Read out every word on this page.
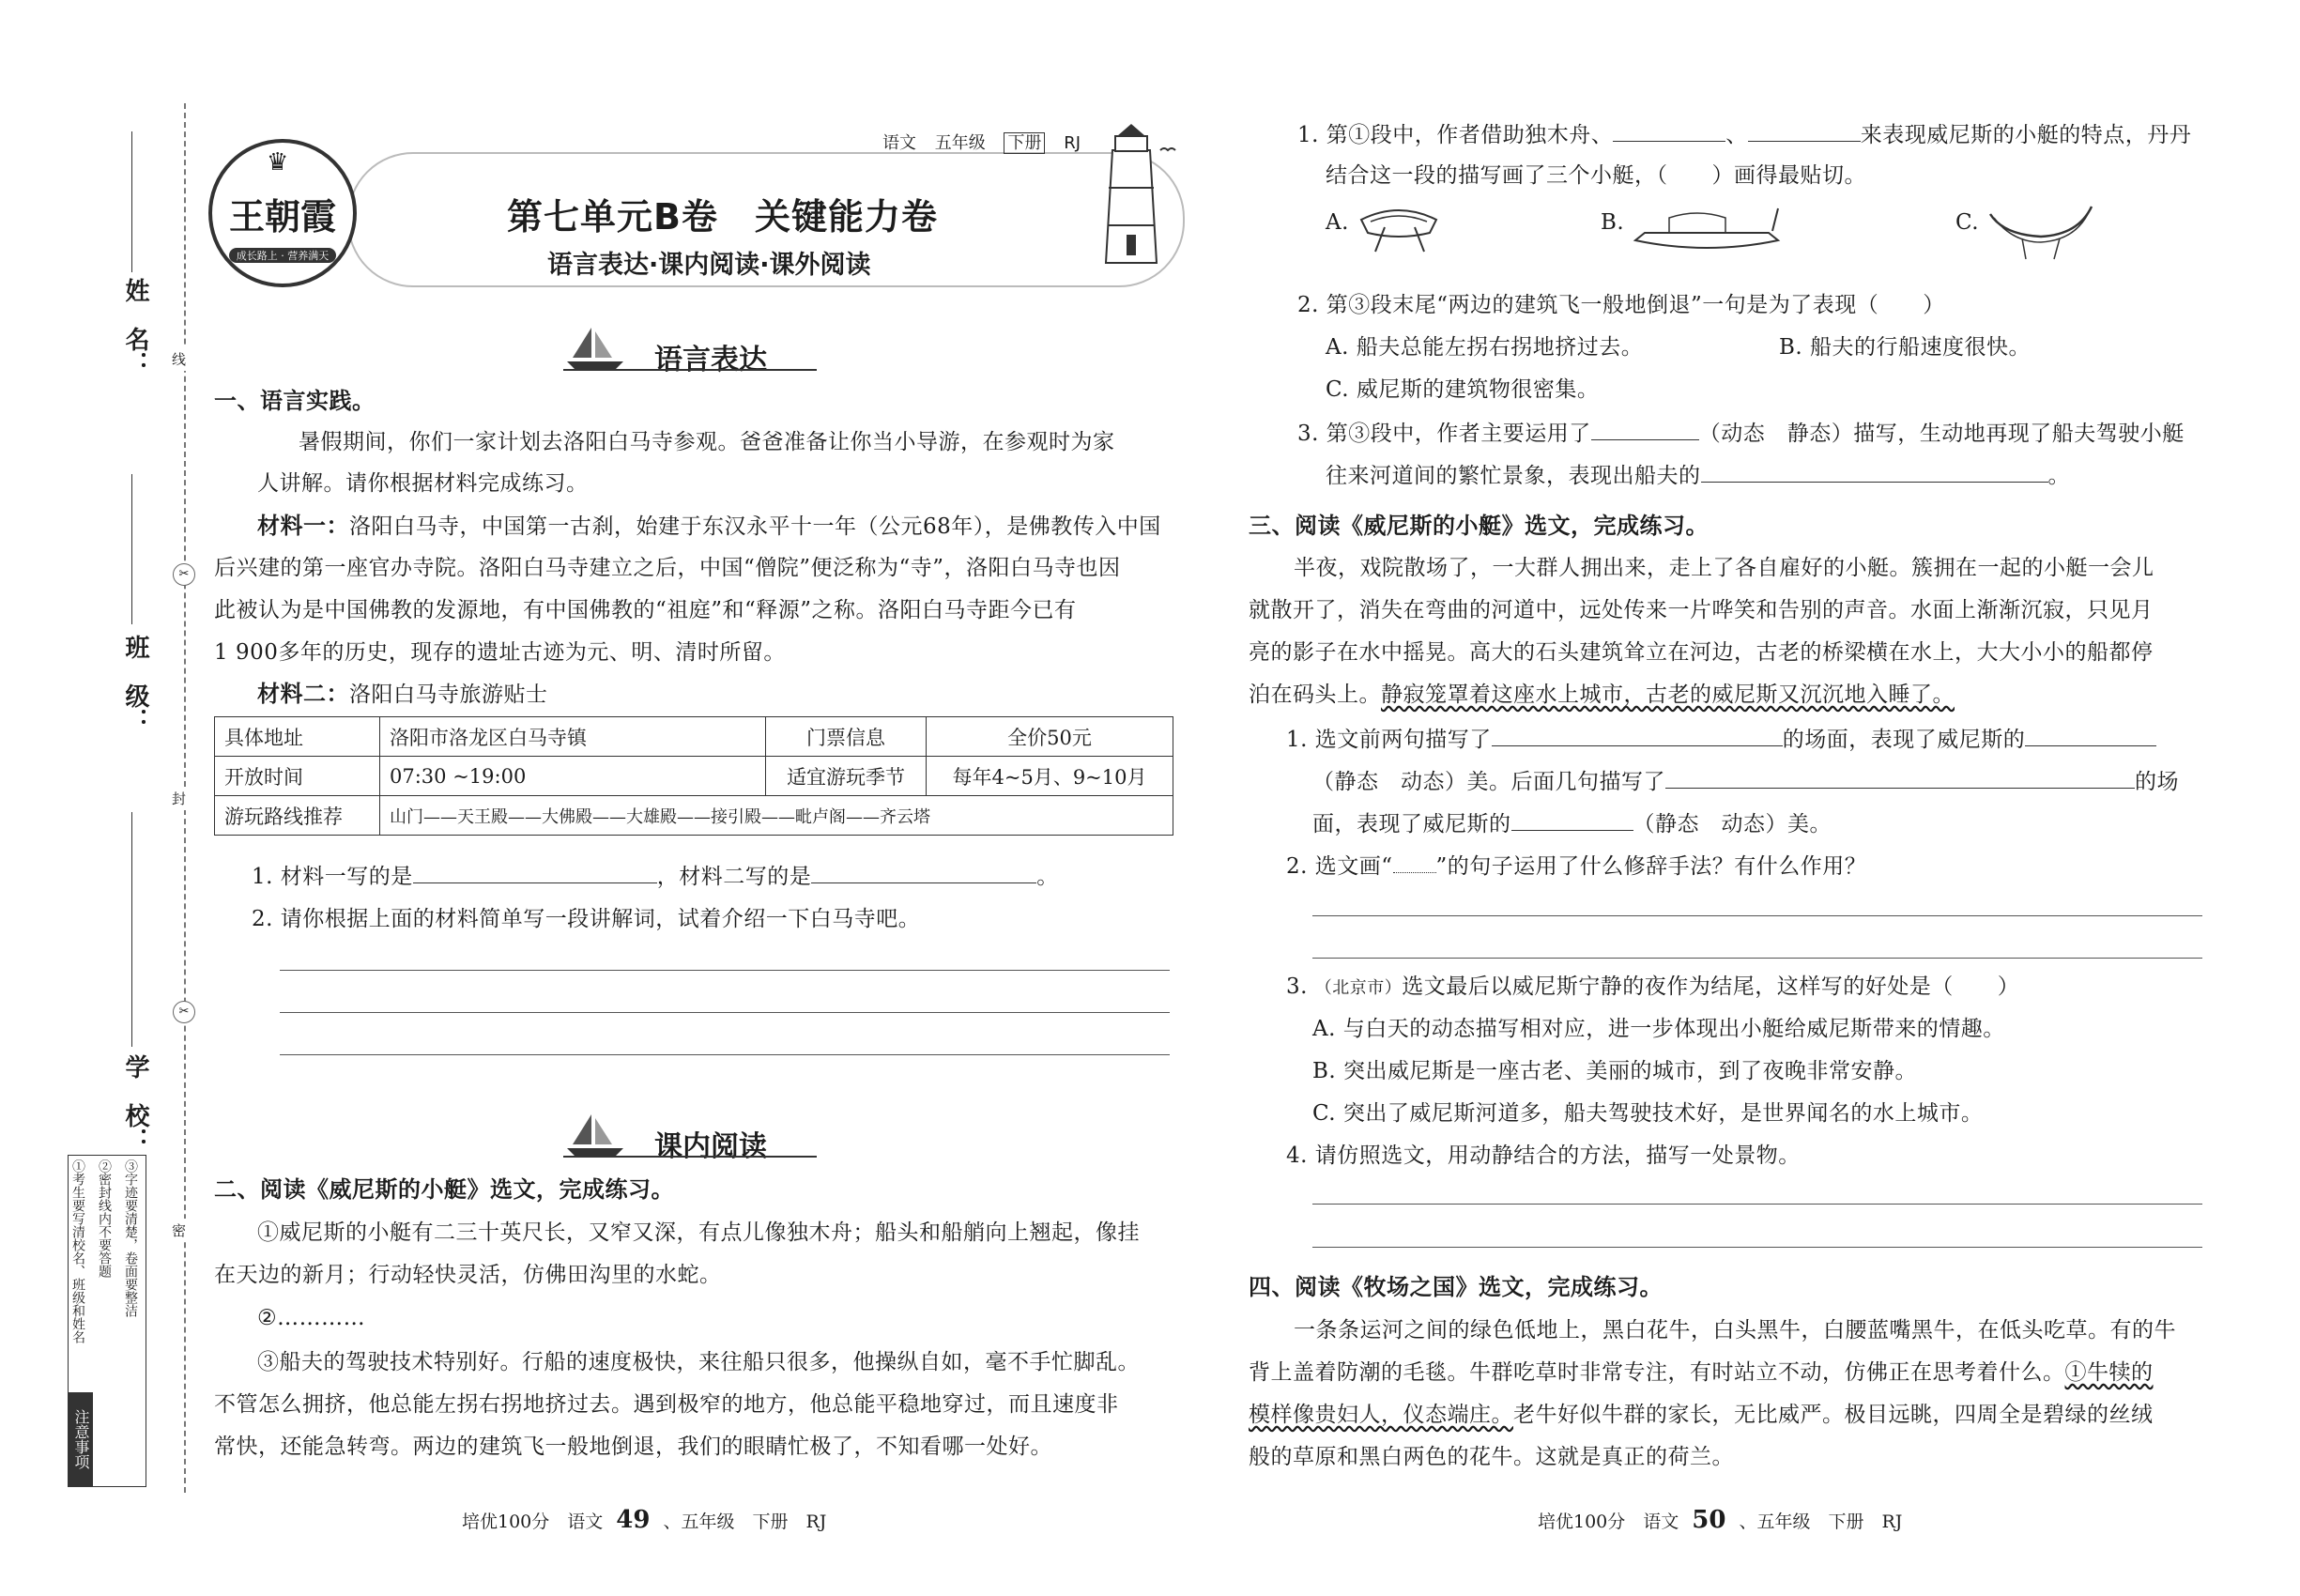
姓　名：
班　级：
学　校：
线
✂
封
✂
密
注意事项
①考生要写清校名、班级和姓名 ②密封线内不要答题 ③字迹要清楚，卷面要整洁
♛
王朝霞
成长路上 · 营养满天
语文 五年级 下册 RJ
第七单元B卷　关键能力卷
语言表达·课内阅读·课外阅读
语言表达
一、语言实践。
暑假期间，你们一家计划去洛阳白马寺参观。爸爸准备让你当小导游，在参观时为家
人讲解。请你根据材料完成练习。
材料一：洛阳白马寺，中国第一古刹，始建于东汉永平十一年（公元68年），是佛教传入中国
后兴建的第一座官办寺院。洛阳白马寺建立之后，中国“僧院”便泛称为“寺”，洛阳白马寺也因
此被认为是中国佛教的发源地，有中国佛教的“祖庭”和“释源”之称。洛阳白马寺距今已有
1 900多年的历史，现存的遗址古迹为元、明、清时所留。
材料二：洛阳白马寺旅游贴士
具体地址	洛阳市洛龙区白马寺镇	门票信息	全价50元
开放时间	07:30 ~19:00	适宜游玩季节	每年4~5月、9~10月
游玩路线推荐	山门——天王殿——大佛殿——大雄殿——接引殿——毗卢阁——齐云塔		
1. 材料一写的是	，材料二写的是	。
2. 请你根据上面的材料简单写一段讲解词，试着介绍一下白马寺吧。
课内阅读
二、阅读《威尼斯的小艇》选文，完成练习。
①威尼斯的小艇有二三十英尺长，又窄又深，有点儿像独木舟；船头和船艄向上翘起，像挂
在天边的新月；行动轻快灵活，仿佛田沟里的水蛇。
②…………
③船夫的驾驶技术特别好。行船的速度极快，来往船只很多，他操纵自如，毫不手忙脚乱。
不管怎么拥挤，他总能左拐右拐地挤过去。遇到极窄的地方，他总能平稳地穿过，而且速度非
常快，还能急转弯。两边的建筑飞一般地倒退，我们的眼睛忙极了，不知看哪一处好。
培优100分　语文 49 、五年级　下册　RJ
1. 第①段中，作者借助独木舟、	、	来表现威尼斯的小艇的特点，丹丹
结合这一段的描写画了三个小艇，（　　）画得最贴切。
A.	B.	C.
2. 第③段末尾“两边的建筑飞一般地倒退”一句是为了表现（　　）
A. 船夫总能左拐右拐地挤过去。	B. 船夫的行船速度很快。
C. 威尼斯的建筑物很密集。
3. 第③段中，作者主要运用了	（动态　静态）描写，生动地再现了船夫驾驶小艇
往来河道间的繁忙景象，表现出船夫的	。
三、阅读《威尼斯的小艇》选文，完成练习。
半夜，戏院散场了，一大群人拥出来，走上了各自雇好的小艇。簇拥在一起的小艇一会儿
就散开了，消失在弯曲的河道中，远处传来一片哗笑和告别的声音。水面上渐渐沉寂，只见月
亮的影子在水中摇晃。高大的石头建筑耸立在河边，古老的桥梁横在水上，大大小小的船都停
泊在码头上。静寂笼罩着这座水上城市，古老的威尼斯又沉沉地入睡了。
1. 选文前两句描写了	的场面，表现了威尼斯的
（静态　动态）美。后面几句描写了	的场
面，表现了威尼斯的	（静态　动态）美。
2. 选文画“ ”的句子运用了什么修辞手法？有什么作用？
3. （北京市）选文最后以威尼斯宁静的夜作为结尾，这样写的好处是（　　）
A. 与白天的动态描写相对应，进一步体现出小艇给威尼斯带来的情趣。
B. 突出威尼斯是一座古老、美丽的城市，到了夜晚非常安静。
C. 突出了威尼斯河道多，船夫驾驶技术好，是世界闻名的水上城市。
4. 请仿照选文，用动静结合的方法，描写一处景物。
四、阅读《牧场之国》选文，完成练习。
一条条运河之间的绿色低地上，黑白花牛，白头黑牛，白腰蓝嘴黑牛，在低头吃草。有的牛
背上盖着防潮的毛毯。牛群吃草时非常专注，有时站立不动，仿佛正在思考着什么。①牛犊的
模样像贵妇人，仪态端庄。老牛好似牛群的家长，无比威严。极目远眺，四周全是碧绿的丝绒
般的草原和黑白两色的花牛。这就是真正的荷兰。
培优100分　语文 50 、五年级　下册　RJ
